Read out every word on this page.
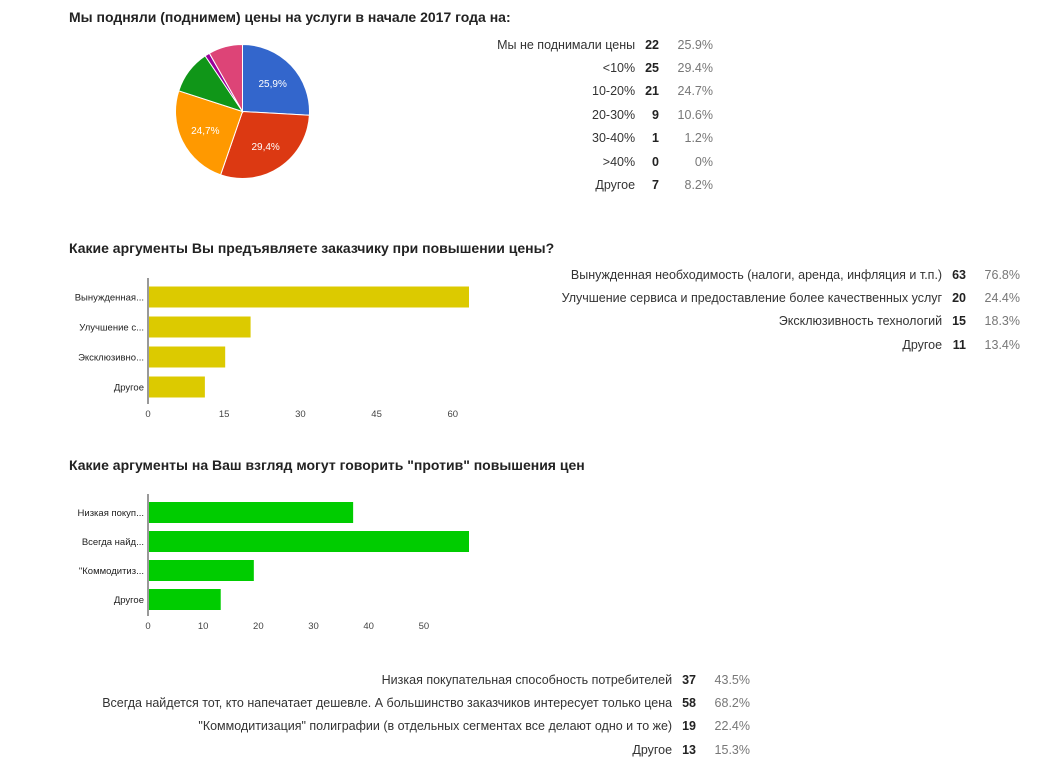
Мы подняли (поднимем) цены на услуги в начале 2017 года на:
25,9%
29,4%
24,7%
Мы не поднимали цены	22	25.9%
<10%	25	29.4%
10-20%	21	24.7%
20-30%	9	10.6%
30-40%	1	1.2%
>40%	0	0%
Другое	7	8.2%
Какие аргументы Вы предъявляете заказчику при повышении цены?
Вынужденная...
Улучшение с...
Эксклюзивно...
Другое
0	15	30	45	60
Вынужденная необходимость (налоги, аренда, инфляция и т.п.)	63	76.8%
Улучшение сервиса и предоставление более качественных услуг	20	24.4%
Эксклюзивность технологий	15	18.3%
Другое	11	13.4%
Какие аргументы на Ваш взгляд могут говорить "против" повышения цен
Низкая покуп...
Всегда найд...
"Коммодитиз...
Другое
0	10	20	30	40	50
Низкая покупательная способность потребителей	37	43.5%
Всегда найдется тот, кто напечатает дешевле. А большинство заказчиков интересует только цена	58	68.2%
"Коммодитизация" полиграфии (в отдельных сегментах все делают одно и то же)	19	22.4%
Другое	13	15.3%
